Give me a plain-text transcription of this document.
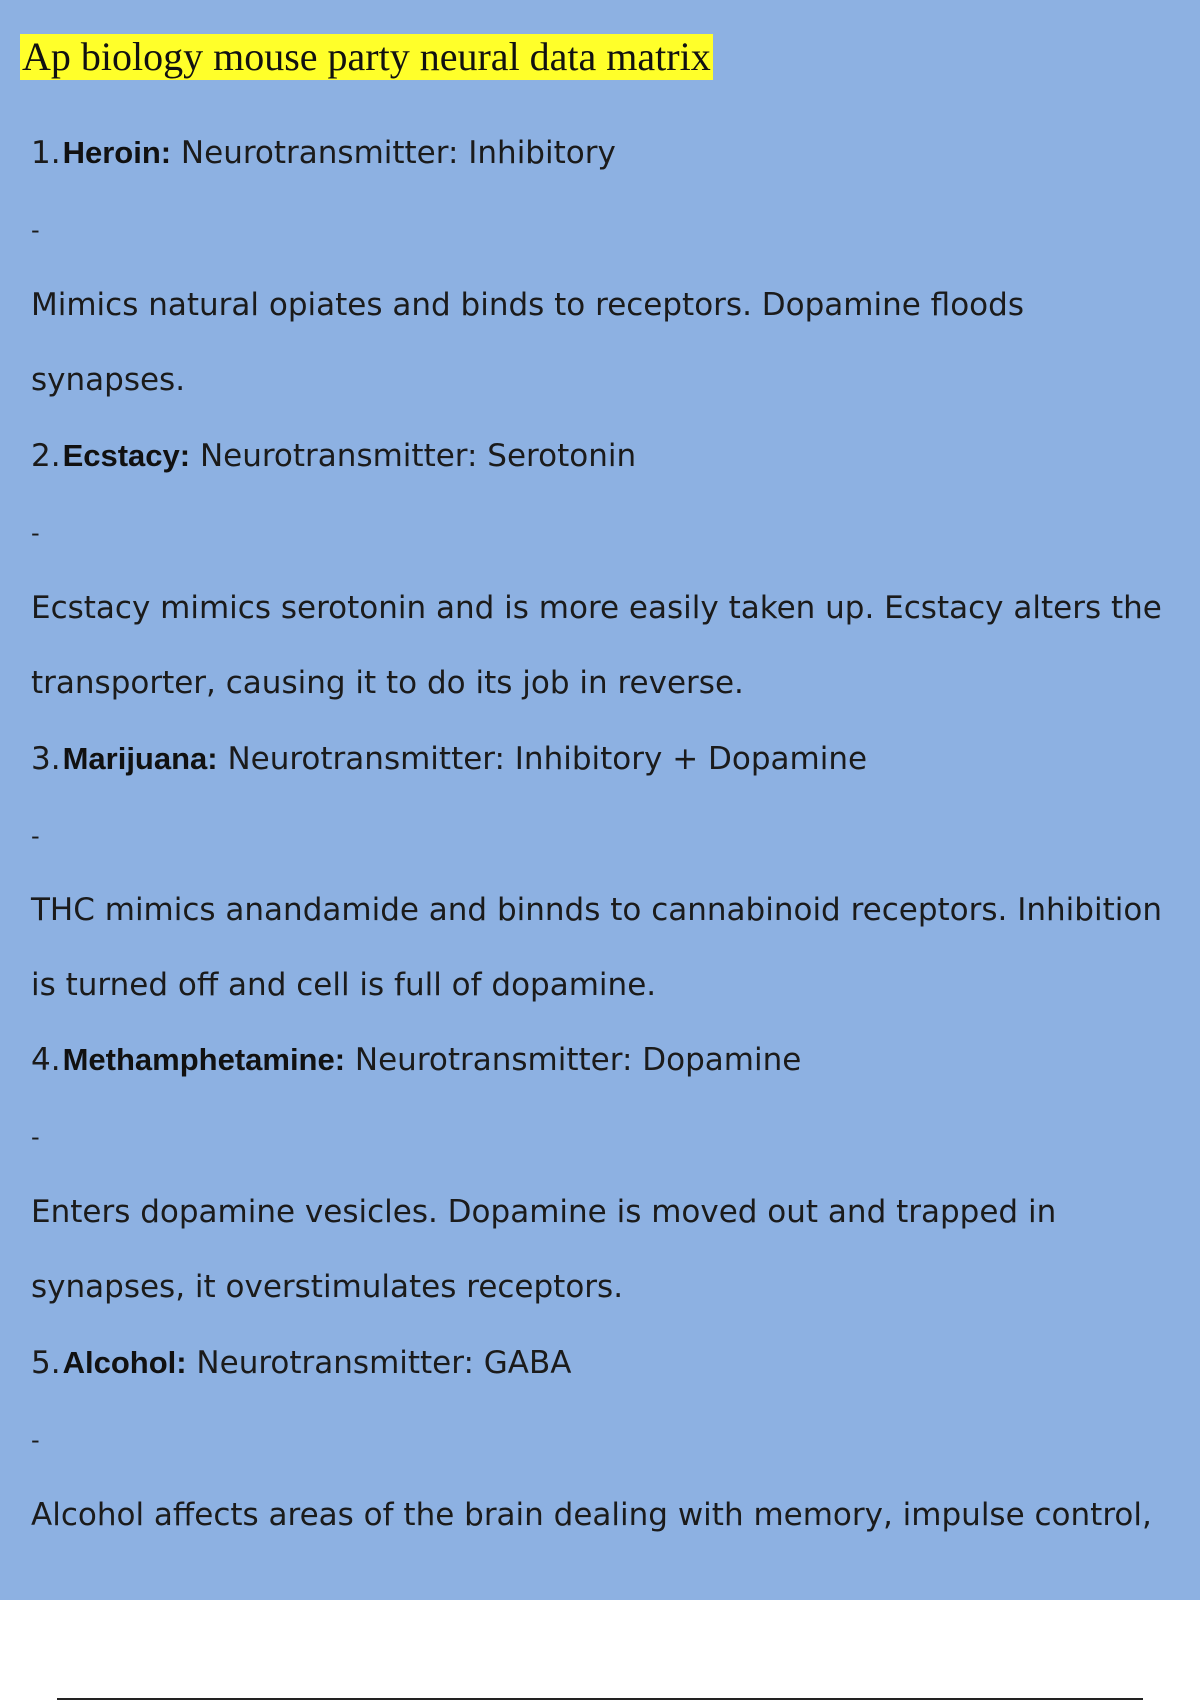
Ap biology mouse party neural data matrix
1.Heroin: Neurotransmitter: Inhibitory
-
Mimics natural opiates and binds to receptors. Dopamine floods
synapses.
2.Ecstacy: Neurotransmitter: Serotonin
-
Ecstacy mimics serotonin and is more easily taken up. Ecstacy alters the
transporter, causing it to do its job in reverse.
3.Marijuana: Neurotransmitter: Inhibitory + Dopamine
-
THC mimics anandamide and binnds to cannabinoid receptors. Inhibition
is turned off and cell is full of dopamine.
4.Methamphetamine: Neurotransmitter: Dopamine
-
Enters dopamine vesicles. Dopamine is moved out and trapped in
synapses, it overstimulates receptors.
5.Alcohol: Neurotransmitter: GABA
-
Alcohol affects areas of the brain dealing with memory, impulse control,
